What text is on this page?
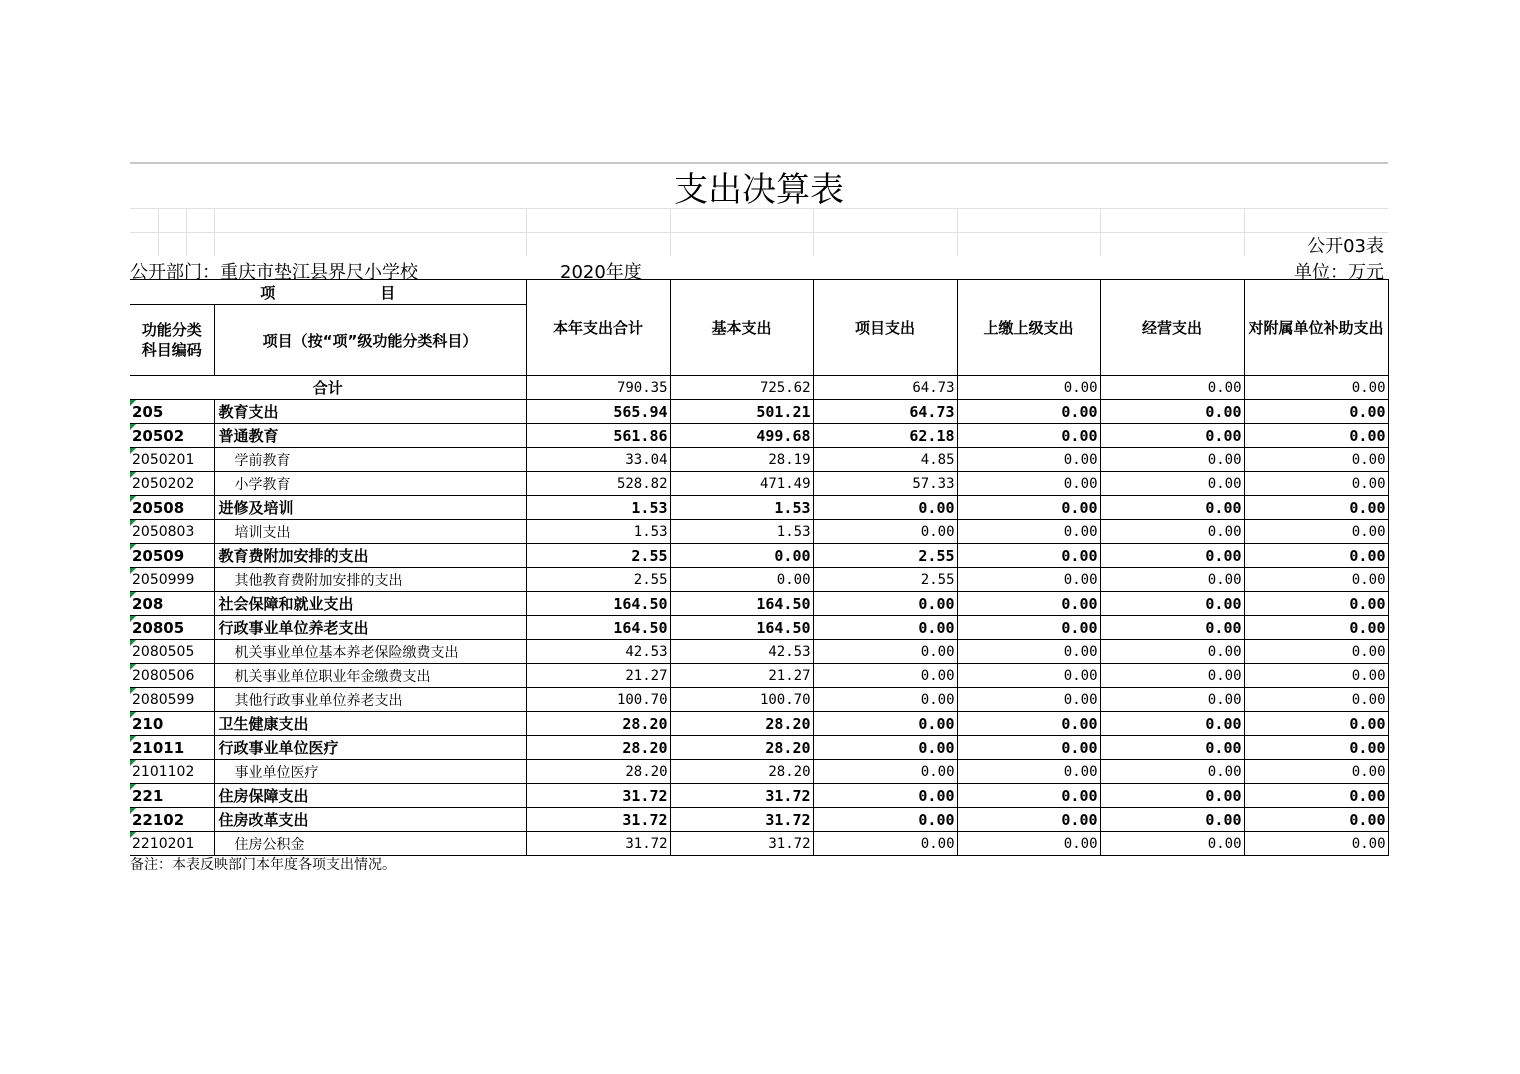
支出决算表
公开03表
公开部门：重庆市垫江县界尺小学校	2020年度	单位：万元
项　　　　　　　目		本年支出合计	基本支出	项目支出	上缴上级支出	经营支出	对附属单位补助支出
功能分类科目编码	项目（按“项”级功能分类科目）						
合计		790.35	725.62	64.73	0.00	0.00	0.00

205	教育支出	565.94	501.21	64.73	0.00	0.00	0.00

20502	普通教育	561.86	499.68	62.18	0.00	0.00	0.00

2050201	学前教育	33.04	28.19	4.85	0.00	0.00	0.00

2050202	小学教育	528.82	471.49	57.33	0.00	0.00	0.00

20508	进修及培训	1.53	1.53	0.00	0.00	0.00	0.00

2050803	培训支出	1.53	1.53	0.00	0.00	0.00	0.00

20509	教育费附加安排的支出	2.55	0.00	2.55	0.00	0.00	0.00

2050999	其他教育费附加安排的支出	2.55	0.00	2.55	0.00	0.00	0.00

208	社会保障和就业支出	164.50	164.50	0.00	0.00	0.00	0.00

20805	行政事业单位养老支出	164.50	164.50	0.00	0.00	0.00	0.00

2080505	机关事业单位基本养老保险缴费支出	42.53	42.53	0.00	0.00	0.00	0.00

2080506	机关事业单位职业年金缴费支出	21.27	21.27	0.00	0.00	0.00	0.00

2080599	其他行政事业单位养老支出	100.70	100.70	0.00	0.00	0.00	0.00

210	卫生健康支出	28.20	28.20	0.00	0.00	0.00	0.00

21011	行政事业单位医疗	28.20	28.20	0.00	0.00	0.00	0.00

2101102	事业单位医疗	28.20	28.20	0.00	0.00	0.00	0.00

221	住房保障支出	31.72	31.72	0.00	0.00	0.00	0.00

22102	住房改革支出	31.72	31.72	0.00	0.00	0.00	0.00

2210201	住房公积金	31.72	31.72	0.00	0.00	0.00	0.00
备注：本表反映部门本年度各项支出情况。
